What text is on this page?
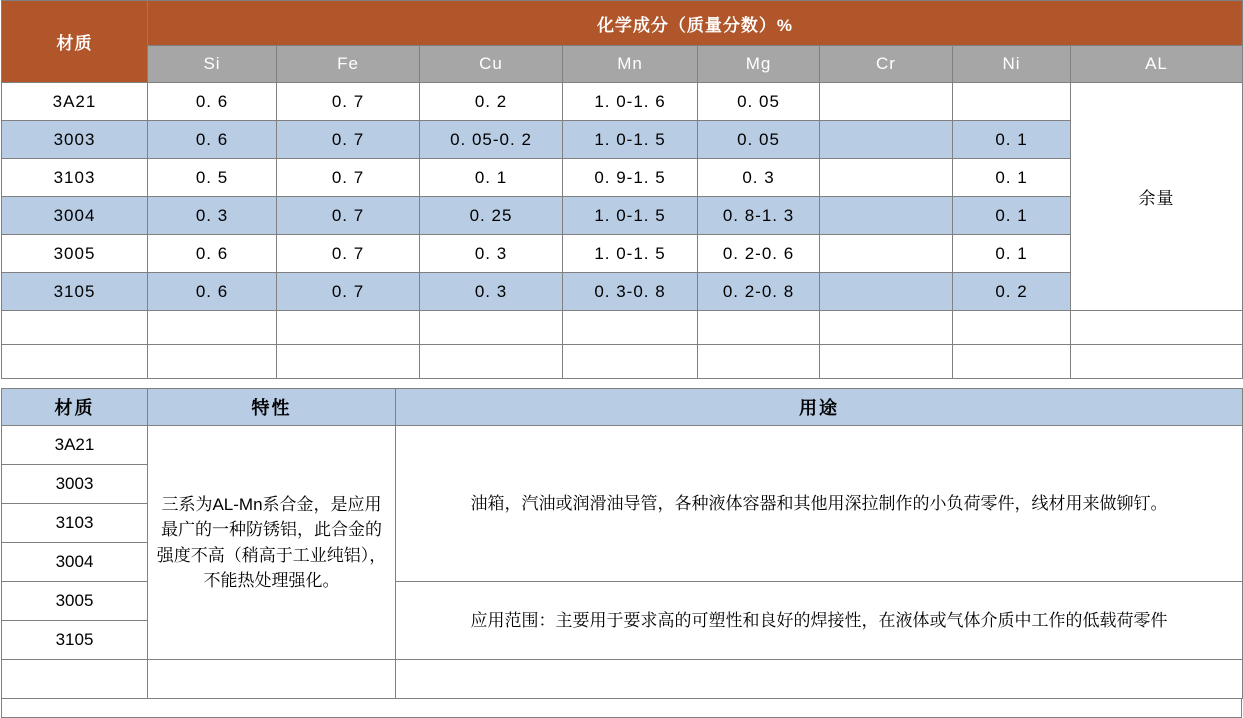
材质	化学成分（质量分数）%							
	Si	Fe	Cu	Mn	Mg	Cr	Ni	AL
3A21	0. 6	0. 7	0. 2	1. 0-1. 6	0. 05			余量
3003	0. 6	0. 7	0. 05-0. 2	1. 0-1. 5	0. 05		0. 1	
3103	0. 5	0. 7	0. 1	0. 9-1. 5	0. 3		0. 1	
3004	0. 3	0. 7	0. 25	1. 0-1. 5	0. 8-1. 3		0. 1	
3005	0. 6	0. 7	0. 3	1. 0-1. 5	0. 2-0. 6		0. 1	
3105	0. 6	0. 7	0. 3	0. 3-0. 8	0. 2-0. 8		0. 2	

材质	特性	用途
3A21	三系为AL-Mn系合金，是应用最广的一种防锈铝，此合金的强度不高（稍高于工业纯铝），不能热处理强化。	油箱，汽油或润滑油导管，各种液体容器和其他用深拉制作的小负荷零件，线材用来做铆钉。
3003		
3103		
3004		
3005		应用范围：主要用于要求高的可塑性和良好的焊接性，在液体或气体介质中工作的低载荷零件
3105		
